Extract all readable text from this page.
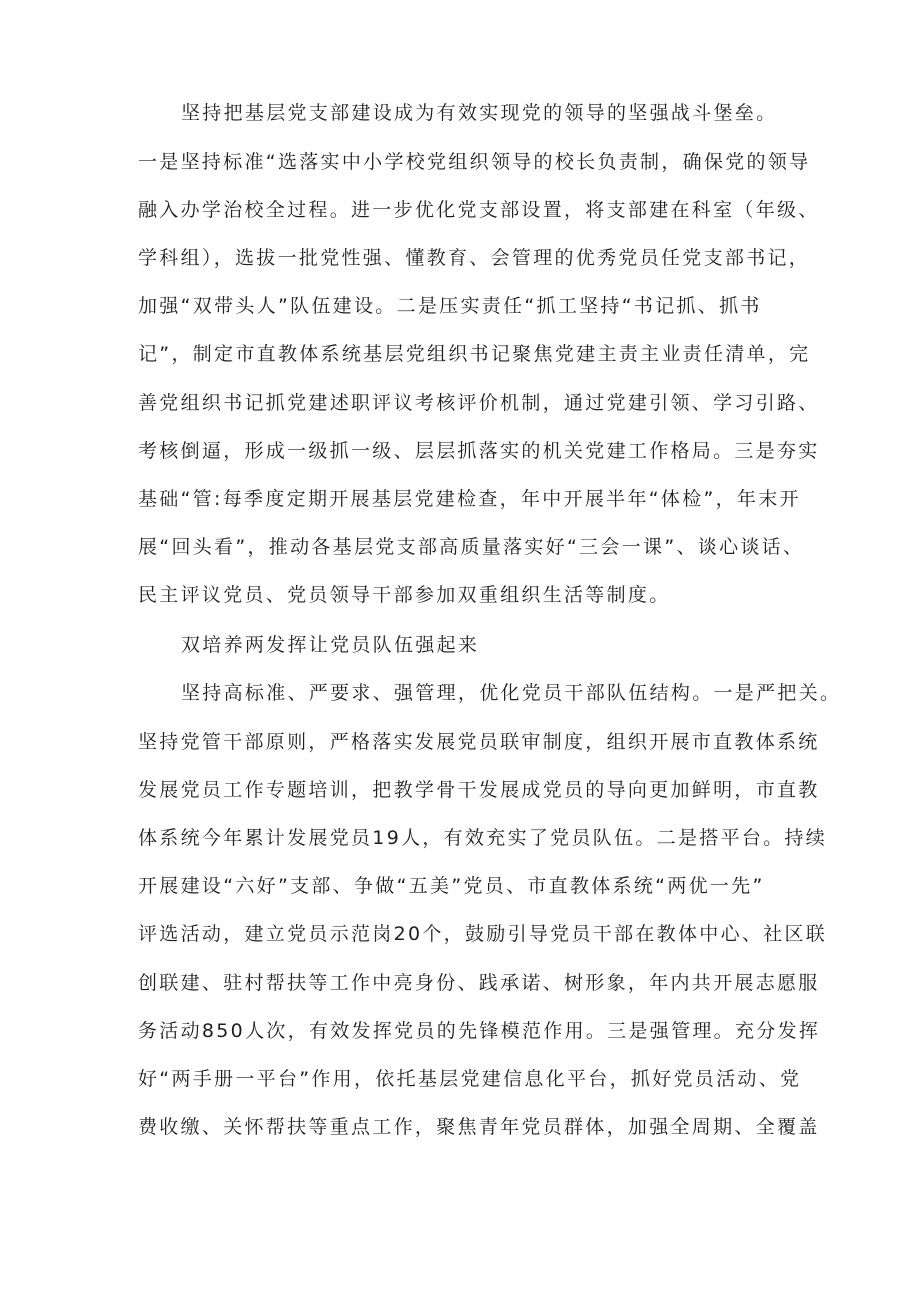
坚持把基层党支部建设成为有效实现党的领导的坚强战斗堡垒。
一是坚持标准“选落实中小学校党组织领导的校长负责制，确保党的领导
融入办学治校全过程。进一步优化党支部设置，将支部建在科室（年级、
学科组），选拔一批党性强、懂教育、会管理的优秀党员任党支部书记，
加强“双带头人”队伍建设。二是压实责任“抓工坚持“书记抓、抓书
记”，制定市直教体系统基层党组织书记聚焦党建主责主业责任清单，完
善党组织书记抓党建述职评议考核评价机制，通过党建引领、学习引路、
考核倒逼，形成一级抓一级、层层抓落实的机关党建工作格局。三是夯实
基础“管:每季度定期开展基层党建检查，年中开展半年“体检”，年末开
展“回头看”，推动各基层党支部高质量落实好“三会一课”、谈心谈话、
民主评议党员、党员领导干部参加双重组织生活等制度。
双培养两发挥让党员队伍强起来
坚持高标准、严要求、强管理，优化党员干部队伍结构。一是严把关。
坚持党管干部原则，严格落实发展党员联审制度，组织开展市直教体系统
发展党员工作专题培训，把教学骨干发展成党员的导向更加鲜明，市直教
体系统今年累计发展党员19人，有效充实了党员队伍。二是搭平台。持续
开展建设“六好”支部、争做“五美”党员、市直教体系统“两优一先”
评选活动，建立党员示范岗20个，鼓励引导党员干部在教体中心、社区联
创联建、驻村帮扶等工作中亮身份、践承诺、树形象，年内共开展志愿服
务活动850人次，有效发挥党员的先锋模范作用。三是强管理。充分发挥
好“两手册一平台”作用，依托基层党建信息化平台，抓好党员活动、党
费收缴、关怀帮扶等重点工作，聚焦青年党员群体，加强全周期、全覆盖
